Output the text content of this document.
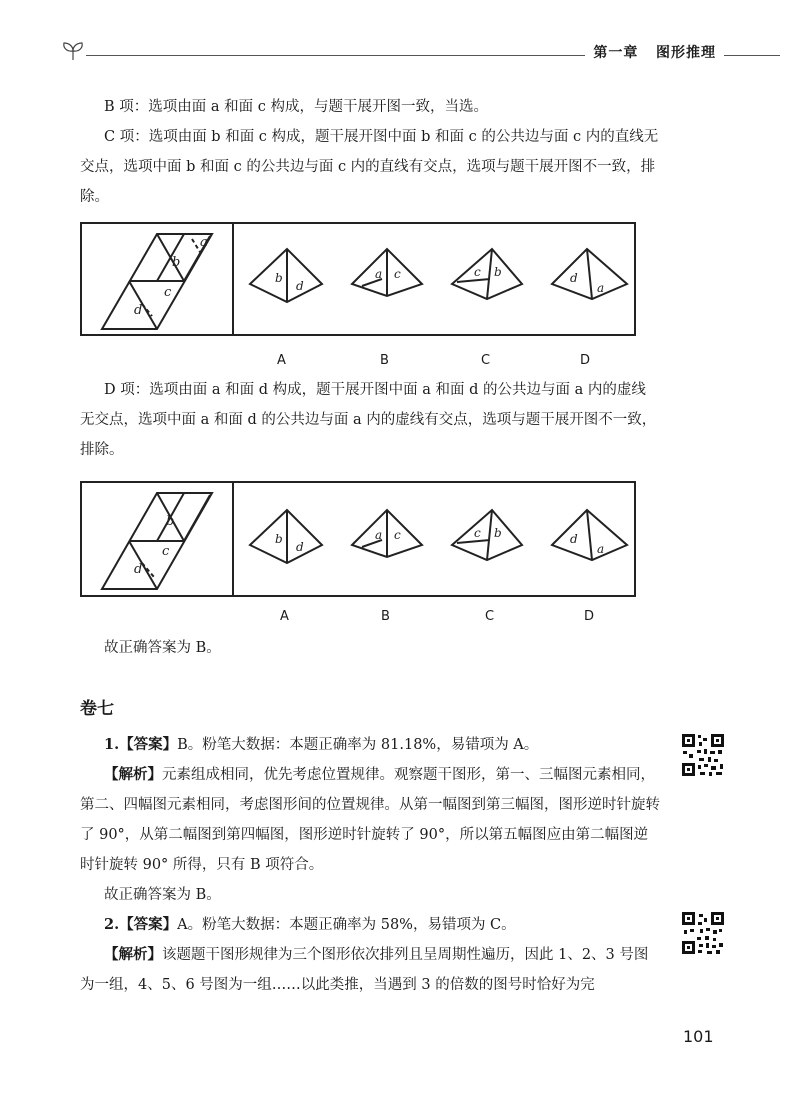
第一章 图形推理

B 项：选项由面 a 和面 c 构成，与题干展开图一致，当选。

C 项：选项由面 b 和面 c 构成，题干展开图中面 b 和面 c 的公共边与面 c 内的直线无交点，选项中面 b 和面 c 的公共边与面 c 内的直线有交点，选项与题干展开图不一致，排除。

a
b
c
d
b
d
a c	c b	d
a
A	B	C	D

D 项：选项由面 a 和面 d 构成，题干展开图中面 a 和面 d 的公共边与面 a 内的虚线无交点，选项中面 a 和面 d 的公共边与面 a 内的虚线有交点，选项与题干展开图不一致，排除。

b
c
d
b
d
a c	c b	d
a
A	B	C	D

故正确答案为 B。

卷七

1.【答案】B。粉笔大数据：本题正确率为 81.18%，易错项为 A。

【解析】元素组成相同，优先考虑位置规律。观察题干图形，第一、三幅图元素相同，第二、四幅图元素相同，考虑图形间的位置规律。从第一幅图到第三幅图，图形逆时针旋转了 90°，从第二幅图到第四幅图，图形逆时针旋转了 90°，所以第五幅图应由第二幅图逆时针旋转 90° 所得，只有 B 项符合。

故正确答案为 B。

2.【答案】A。粉笔大数据：本题正确率为 58%，易错项为 C。

【解析】该题题干图形规律为三个图形依次排列且呈周期性遍历，因此 1、2、3 号图为一组，4、5、6 号图为一组……以此类推，当遇到 3 的倍数的图号时恰好为完

101
